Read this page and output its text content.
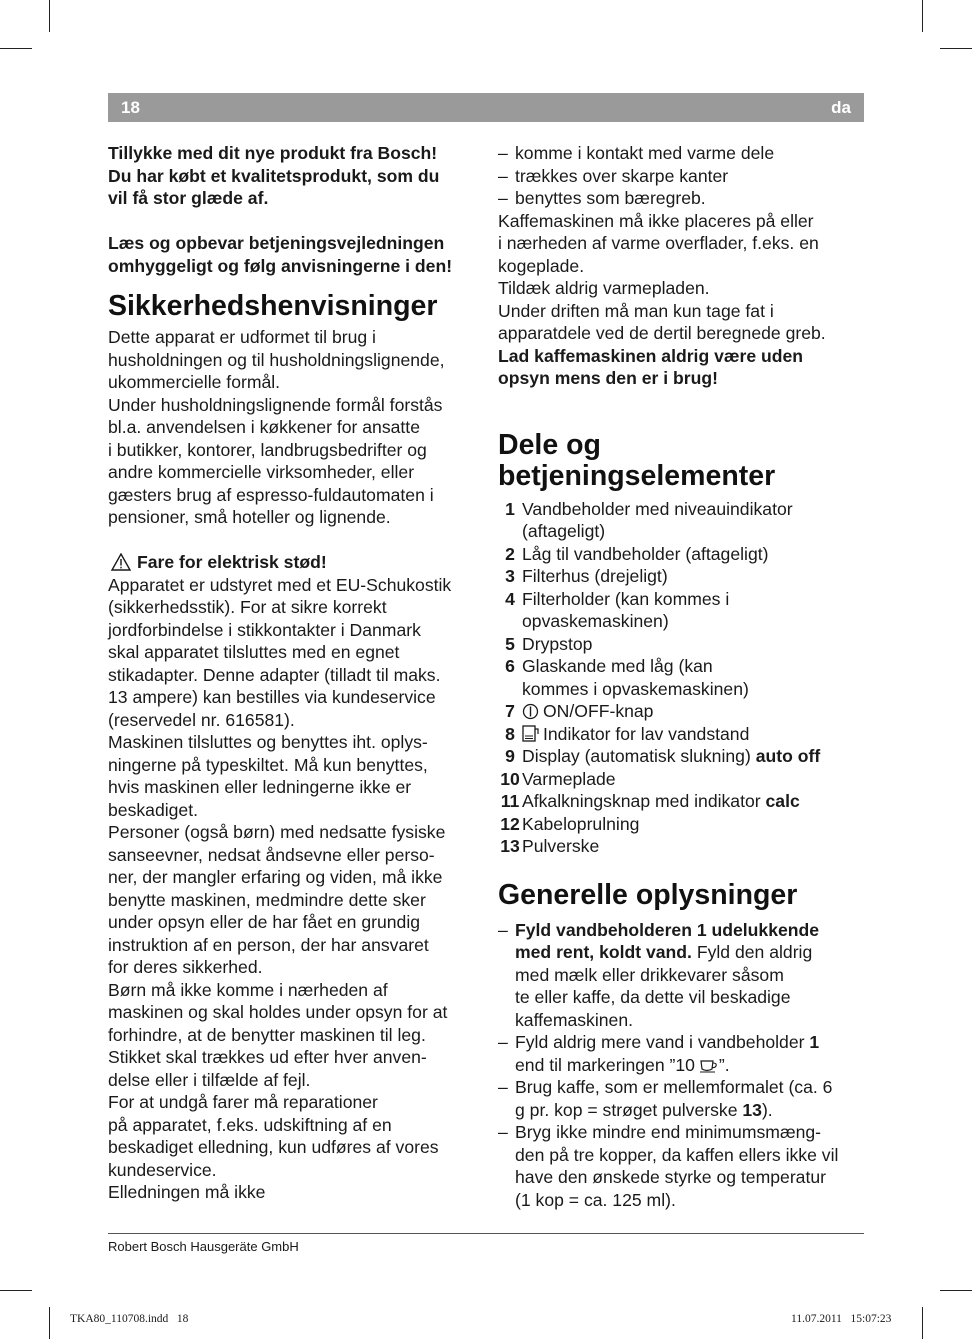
18	da

Tillykke med dit nye produkt fra Bosch!

Du har købt et kvalitetsprodukt, som du

vil få stor glæde af.

Læs og opbevar betjeningsvejledningen

omhyggeligt og følg anvisningerne i den!

Sikkerhedshenvisninger

Dette apparat er udformet til brug i

husholdningen og til husholdningslignende,

ukommercielle formål.

Under husholdningslignende formål forstås

bl.a. anvendelsen i køkkener for ansatte

i butikker, kontorer, landbrugsbedrifter og

andre kommercielle virksomheder, eller

gæsters brug af espresso-fuldautomaten i

pensioner, små hoteller og lignende.

Fare for elektrisk stød!

Apparatet er udstyret med et EU-Schukostik

(sikkerhedsstik). For at sikre korrekt

jordforbindelse i stikkontakter i Danmark

skal apparatet tilsluttes med en egnet

stikadapter. Denne adapter (tilladt til maks.

13 ampere) kan bestilles via kundeservice

(reservedel nr. 616581).

Maskinen tilsluttes og benyttes iht. oplys-

ningerne på typeskiltet. Må kun benyttes,

hvis maskinen eller ledningerne ikke er

beskadiget.

Personer (også børn) med nedsatte fysiske

sanseevner, nedsat åndsevne eller perso-

ner, der mangler erfaring og viden, må ikke

benytte maskinen, medmindre dette sker

under opsyn eller de har fået en grundig

instruktion af en person, der har ansvaret

for deres sikkerhed.

Børn må ikke komme i nærheden af

maskinen og skal holdes under opsyn for at

forhindre, at de benytter maskinen til leg.

Stikket skal trækkes ud efter hver anven-

delse eller i tilfælde af fejl.

For at undgå farer må reparationer

på apparatet, f.eks. udskiftning af en

beskadiget elledning, kun udføres af vores

kundeservice.

Elledningen må ikke

– komme i kontakt med varme dele
– trækkes over skarpe kanter
– benyttes som bæregreb.

Kaffemaskinen må ikke placeres på eller

i nærheden af varme overflader, f.eks. en

kogeplade.

Tildæk aldrig varmepladen.

Under driften må man kun tage fat i

apparatdele ved de dertil beregnede greb.

Lad kaffemaskinen aldrig være uden

opsyn mens den er i brug!

Dele og
betjeningselementer
1 Vandbeholder med niveauindikator

(aftageligt)

2 Låg til vandbeholder (aftageligt)
3 Filterhus (drejeligt)
4 Filterholder (kan kommes i

opvaskemaskinen)

5 Drypstop
6 Glaskande med låg (kan

kommes i opvaskemaskinen)

7	ON/OFF-knap
8	Indikator for lav vandstand
9 Display (automatisk slukning) auto off
10 Varmeplade
11 Afkalkningsknap med indikator calc
12 Kabeloprulning
13 Pulverske
Generelle oplysninger
– Fyld vandbeholderen 1 udelukkende

med rent, koldt vand. Fyld den aldrig

med mælk eller drikkevarer såsom

te eller kaffe, da dette vil beskadige

kaffemaskinen.

– Fyld aldrig mere vand i vandbeholder 1

end til markeringen ”10 ”.

– Brug kaffe, som er mellemformalet (ca. 6

g pr. kop = strøget pulverske 13).

– Bryg ikke mindre end minimumsmæng-

den på tre kopper, da kaffen ellers ikke vil

have den ønskede styrke og temperatur

(1 kop = ca. 125 ml).

Robert Bosch Hausgeräte GmbH
TKA80_110708.indd   18	11.07.2011   15:07:23
